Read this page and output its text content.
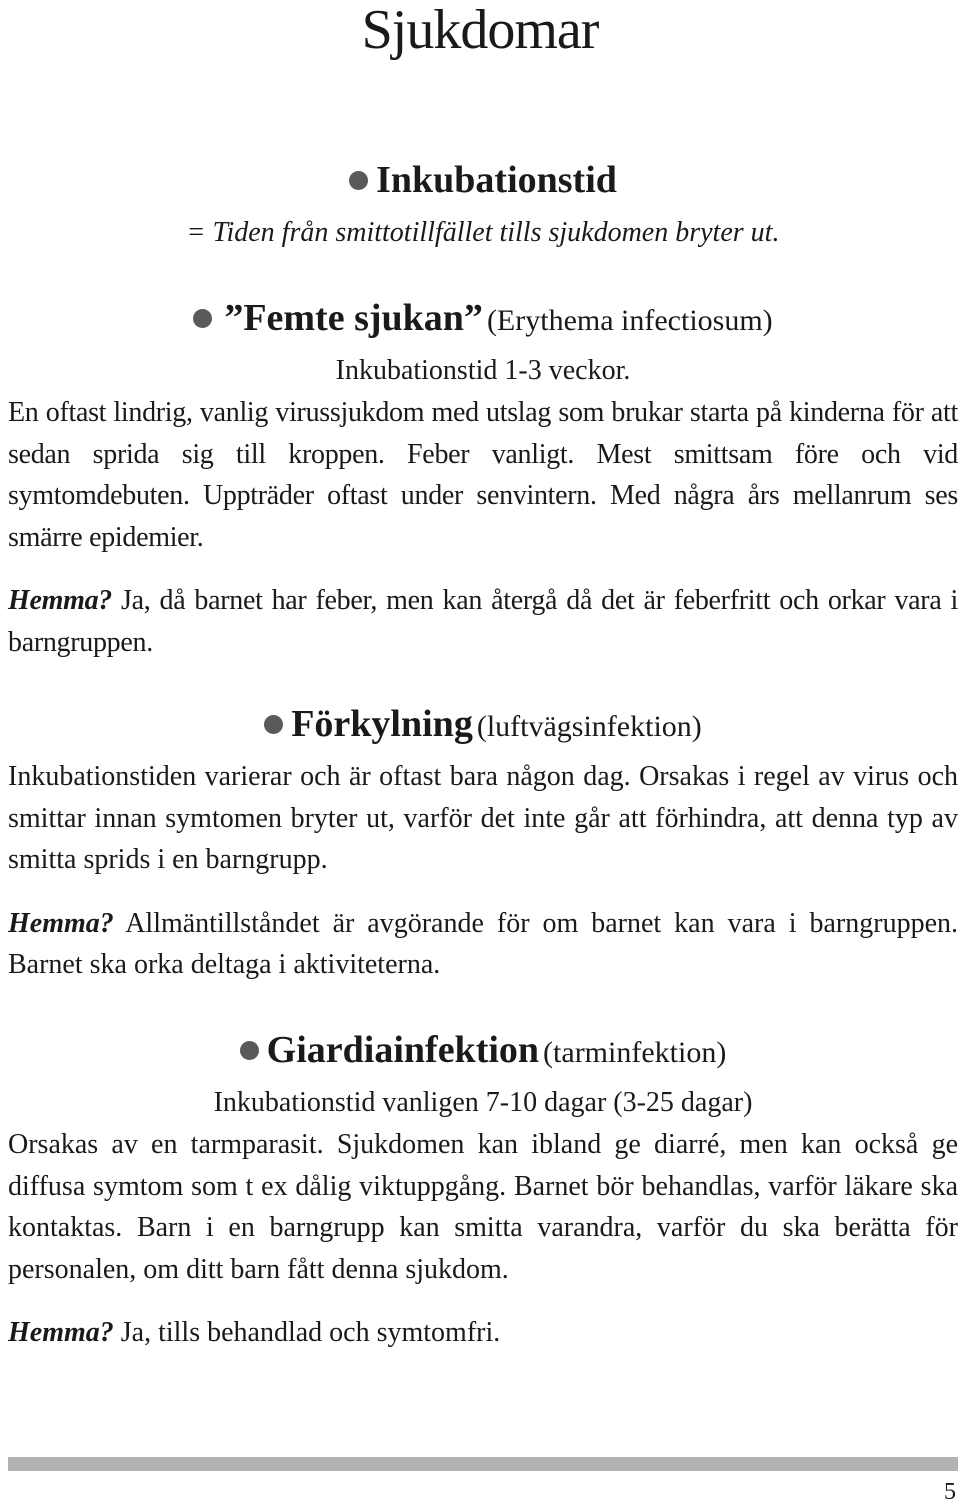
Sjukdomar
Inkubationstid
= Tiden från smittotillfället tills sjukdomen bryter ut.
”Femte sjukan” (Erythema infectiosum)
Inkubationstid 1-3 veckor.

En oftast lindrig, vanlig virussjukdom med utslag som brukar starta på kinderna för att sedan sprida sig till kroppen. Feber vanligt. Mest smittsam före och vid symtomdebuten. Uppträder oftast under senvintern. Med några års mellanrum ses smärre epidemier.

Hemma? Ja, då barnet har feber, men kan återgå då det är feberfritt och orkar vara i barngruppen.

Förkylning (luftvägsinfektion)

Inkubationstiden varierar och är oftast bara någon dag. Orsakas i regel av virus och smittar innan symtomen bryter ut, varför det inte går att förhindra, att denna typ av smitta sprids i en barngrupp.

Hemma? Allmäntillståndet är avgörande för om barnet kan vara i barngruppen. Barnet ska orka deltaga i aktiviteterna.

Giardiainfektion (tarminfektion)
Inkubationstid vanligen 7-10 dagar (3-25 dagar)

Orsakas av en tarmparasit. Sjukdomen kan ibland ge diarré, men kan också ge diffusa symtom som t ex dålig viktuppgång. Barnet bör behandlas, varför läkare ska kontaktas. Barn i en barngrupp kan smitta varandra, varför du ska berätta för personalen, om ditt barn fått denna sjukdom.

Hemma? Ja, tills behandlad och symtomfri.

5
